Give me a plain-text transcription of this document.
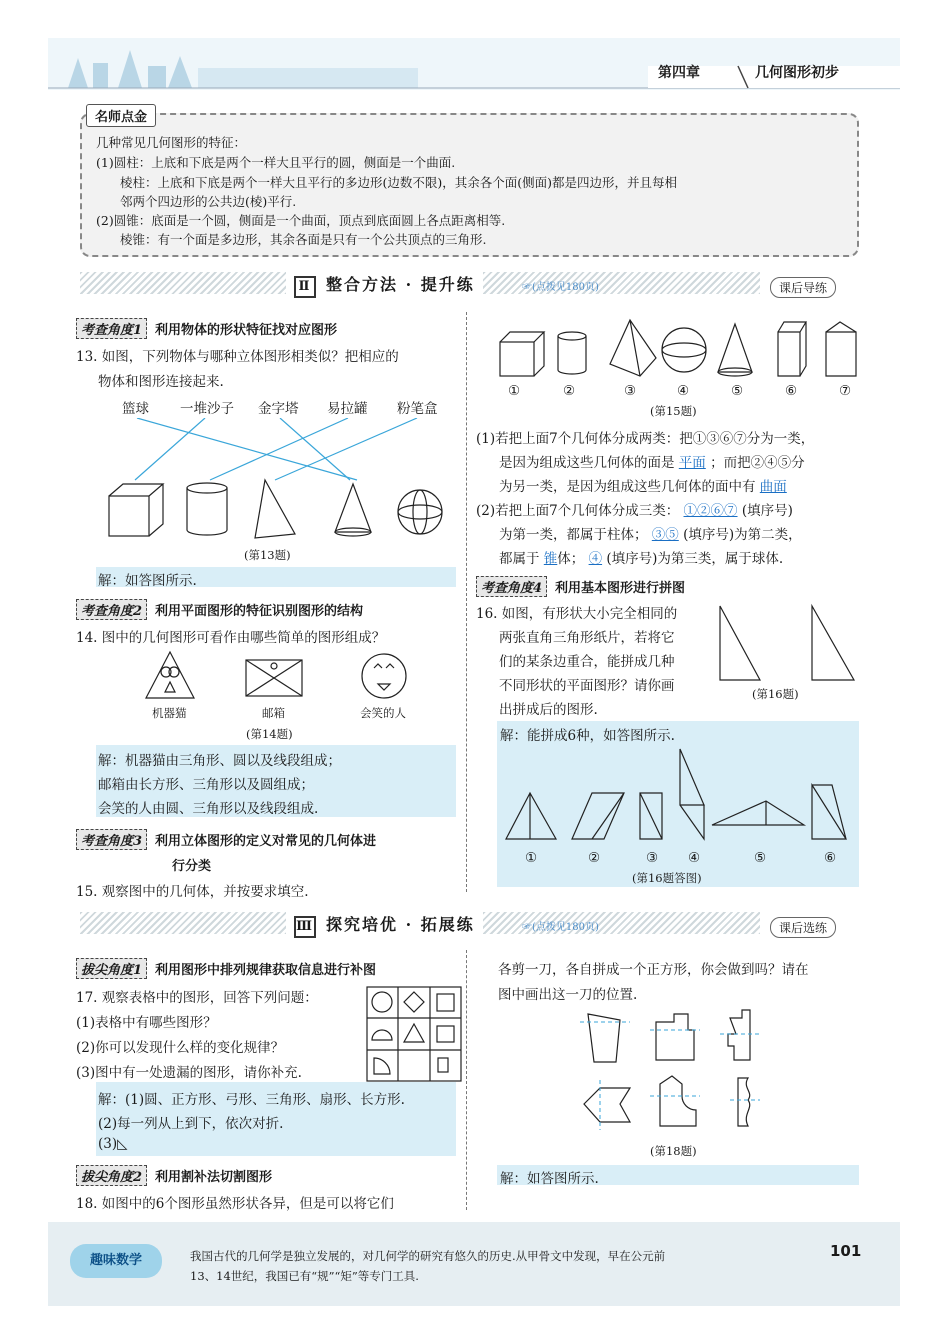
第四章	几何图形初步
名师点金
几种常见几何图形的特征：
(1)圆柱：上底和下底是两个一样大且平行的圆，侧面是一个曲面.
棱柱：上底和下底是两个一样大且平行的多边形(边数不限)，其余各个面(侧面)都是四边形，并且每相
邻两个四边形的公共边(棱)平行.
(2)圆锥：底面是一个圆，侧面是一个曲面，顶点到底面圆上各点距离相等.
棱锥：有一个面是多边形，其余各面是只有一个公共顶点的三角形.
Ⅱ 整合方法 · 提升练	☞(点拨见180页)	课后导练
考查角度1 利用物体的形状特征找对应图形
13. 如图，下列物体与哪种立体图形相类似？把相应的
物体和图形连接起来.
篮球 一堆沙子 金字塔 易拉罐 粉笔盒
(第13题)
解：如答图所示.
考查角度2 利用平面图形的特征识别图形的结构
14. 图中的几何图形可看作由哪些简单的图形组成？
机器猫	邮箱	会笑的人
(第14题)
解：机器猫由三角形、圆以及线段组成；
邮箱由长方形、三角形以及圆组成；
会笑的人由圆、三角形以及线段组成.
考查角度3 利用立体图形的定义对常见的几何体进
行分类
15. 观察图中的几何体，并按要求填空.
①	②	③	④	⑤	⑥	⑦
(第15题)
(1)若把上面7个几何体分成两类：把①③⑥⑦分为一类，
是因为组成这些几何体的面是 平面 ；而把②④⑤分
为另一类，是因为组成这些几何体的面中有 曲面
(2)若把上面7个几何体分成三类： ①②⑥⑦ (填序号)
为第一类，都属于柱体； ③⑤ (填序号)为第二类，
都属于 锥体； ④ (填序号)为第三类，属于球体.
考查角度4 利用基本图形进行拼图
16. 如图，有形状大小完全相同的
两张直角三角形纸片，若将它
们的某条边重合，能拼成几种
不同形状的平面图形？请你画
出拼成后的图形.
(第16题)
解：能拼成6种，如答图所示.
①	②	③ ④	⑤	⑥
(第16题答图)
Ⅲ 探究培优 · 拓展练	☞(点拨见180页)	课后选练
拔尖角度1 利用图形中排列规律获取信息进行补图
17. 观察表格中的图形，回答下列问题：
(1)表格中有哪些图形？
(2)你可以发现什么样的变化规律？
(3)图中有一处遗漏的图形，请你补充.
解：(1)圆、正方形、弓形、三角形、扇形、长方形.
(2)每一列从上到下，依次对折.
(3)◺
拔尖角度2 利用割补法切割图形
18. 如图中的6个图形虽然形状各异，但是可以将它们
各剪一刀，各自拼成一个正方形，你会做到吗？请在
图中画出这一刀的位置.
(第18题)
解：如答图所示.
趣味数学	我国古代的几何学是独立发展的，对几何学的研究有悠久的历史.从甲骨文中发现，早在公元前
13、14世纪，我国已有“规”“矩”等专门工具.
101
